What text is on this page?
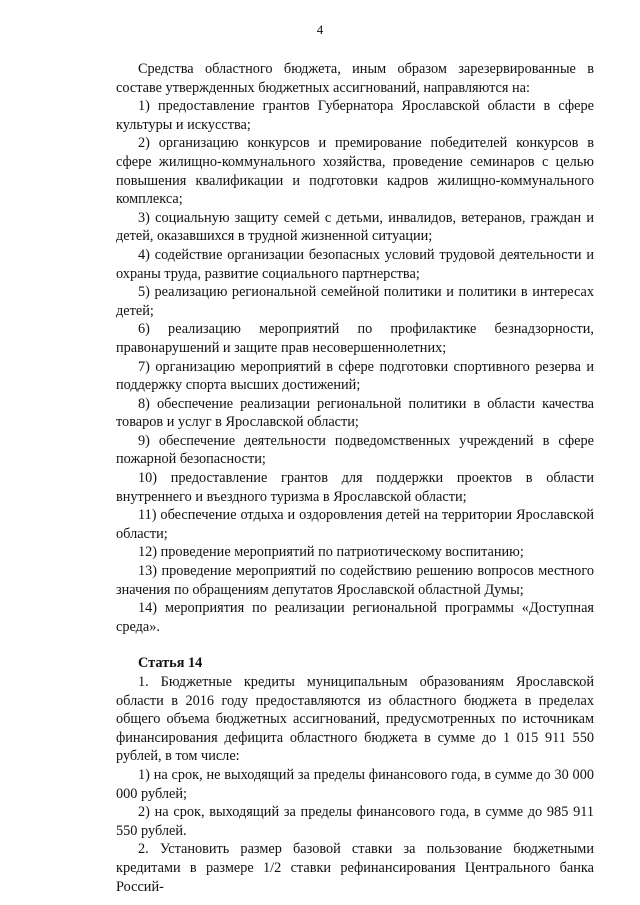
4

Средства областного бюджета, иным образом зарезервированные в составе утвержденных бюджетных ассигнований, направляются на:

1) предоставление грантов Губернатора Ярославской области в сфере культуры и искусства;

2) организацию конкурсов и премирование победителей конкурсов в сфере жилищно-коммунального хозяйства, проведение семинаров с целью повышения квалификации и подготовки кадров жилищно-коммунального комплекса;

3) социальную защиту семей с детьми, инвалидов, ветеранов, граждан и детей, оказавшихся в трудной жизненной ситуации;

4) содействие организации безопасных условий трудовой деятельности и охраны труда, развитие социального партнерства;

5) реализацию региональной семейной политики и политики в интересах детей;

6) реализацию мероприятий по профилактике безнадзорности, правонарушений и защите прав несовершеннолетних;

7) организацию мероприятий в сфере подготовки спортивного резерва и поддержку спорта высших достижений;

8) обеспечение реализации региональной политики в области качества товаров и услуг в Ярославской области;

9) обеспечение деятельности подведомственных учреждений в сфере пожарной безопасности;

10) предоставление грантов для поддержки проектов в области внутреннего и въездного туризма в Ярославской области;

11) обеспечение отдыха и оздоровления детей на территории Ярославской области;

12) проведение мероприятий по патриотическому воспитанию;

13) проведение мероприятий по содействию решению вопросов местного значения по обращениям депутатов Ярославской областной Думы;

14) мероприятия по реализации региональной программы «Доступная среда».

Статья 14

1. Бюджетные кредиты муниципальным образованиям Ярославской области в 2016 году предоставляются из областного бюджета в пределах общего объема бюджетных ассигнований, предусмотренных по источникам финансирования дефицита областного бюджета в сумме до 1 015 911 550 рублей, в том числе:

1) на срок, не выходящий за пределы финансового года, в сумме до 30 000 000 рублей;

2) на срок, выходящий за пределы финансового года, в сумме до 985 911 550 рублей.

2. Установить размер базовой ставки за пользование бюджетными кредитами в размере 1/2 ставки рефинансирования Центрального банка Россий-
